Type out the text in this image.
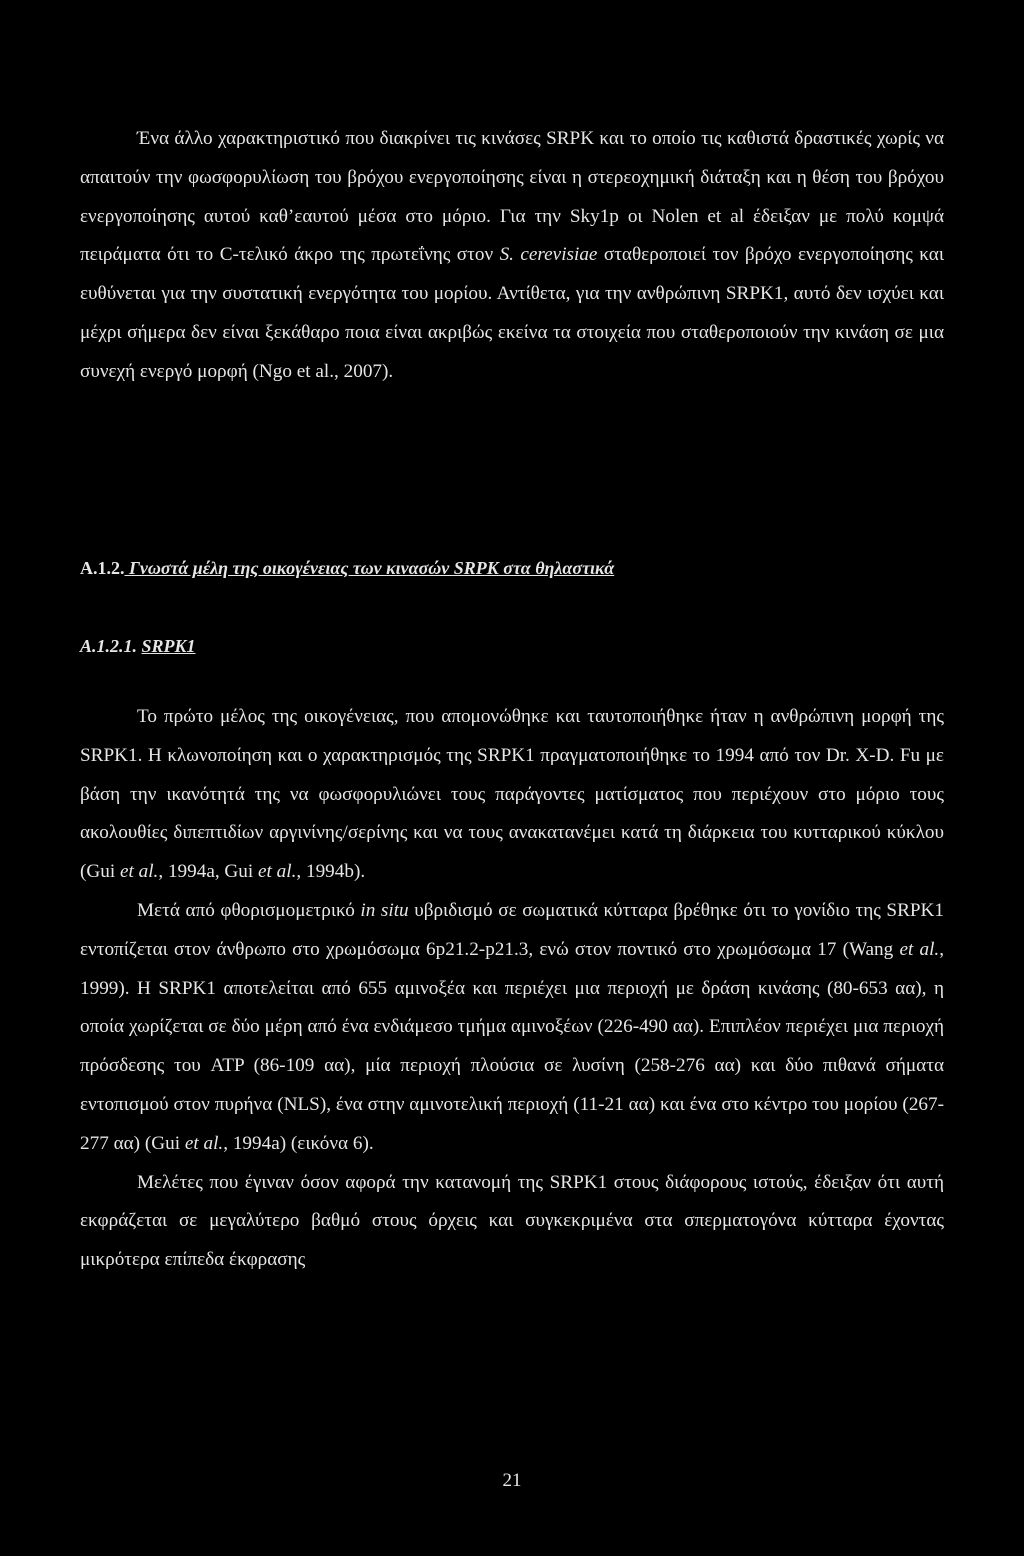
Ένα άλλο χαρακτηριστικό που διακρίνει τις κινάσες SRPK και το οποίο τις καθιστά δραστικές χωρίς να απαιτούν την φωσφορυλίωση του βρόχου ενεργοποίησης είναι η στερεοχημική διάταξη και η θέση του βρόχου ενεργοποίησης αυτού καθ’εαυτού μέσα στο μόριο. Για την Sky1p οι Nolen et al έδειξαν με πολύ κομψά πειράματα ότι το C-τελικό άκρο της πρωτεΐνης στον S. cerevisiae σταθεροποιεί τον βρόχο ενεργοποίησης και ευθύνεται για την συστατική ενεργότητα του μορίου. Αντίθετα, για την ανθρώπινη SRPK1, αυτό δεν ισχύει και μέχρι σήμερα δεν είναι ξεκάθαρο ποια είναι ακριβώς εκείνα τα στοιχεία που σταθεροποιούν την κινάση σε μια συνεχή ενεργό μορφή (Ngo et al., 2007).

A.1.2. Γνωστά μέλη της οικογένειας των κινασών SRPK στα θηλαστικά
A.1.2.1. SRPK1

Το πρώτο μέλος της οικογένειας, που απομονώθηκε και ταυτοποιήθηκε ήταν η ανθρώπινη μορφή της SRPK1. Η κλωνοποίηση και ο χαρακτηρισμός της SRPK1 πραγματοποιήθηκε το 1994 από τον Dr. X-D. Fu με βάση την ικανότητά της να φωσφορυλιώνει τους παράγοντες ματίσματος που περιέχουν στο μόριο τους ακολουθίες διπεπτιδίων αργινίνης/σερίνης και να τους ανακατανέμει κατά τη διάρκεια του κυτταρικού κύκλου (Gui et al., 1994a, Gui et al., 1994b).

Μετά από φθορισμομετρικό in situ υβριδισμό σε σωματικά κύτταρα βρέθηκε ότι το γονίδιο της SRPK1 εντοπίζεται στον άνθρωπο στο χρωμόσωμα 6p21.2-p21.3, ενώ στον ποντικό στο χρωμόσωμα 17 (Wang et al., 1999). Η SRPK1 αποτελείται από 655 αμινοξέα και περιέχει μια περιοχή με δράση κινάσης (80-653 αα), η οποία χωρίζεται σε δύο μέρη από ένα ενδιάμεσο τμήμα αμινοξέων (226-490 αα). Επιπλέον περιέχει μια περιοχή πρόσδεσης του ATP (86-109 αα), μία περιοχή πλούσια σε λυσίνη (258-276 αα) και δύο πιθανά σήματα εντοπισμού στον πυρήνα (NLS), ένα στην αμινοτελική περιοχή (11-21 αα) και ένα στο κέντρο του μορίου (267-277 αα) (Gui et al., 1994a) (εικόνα 6).

Μελέτες που έγιναν όσον αφορά την κατανομή της SRPK1 στους διάφορους ιστούς, έδειξαν ότι αυτή εκφράζεται σε μεγαλύτερο βαθμό στους όρχεις και συγκεκριμένα στα σπερματογόνα κύτταρα έχοντας μικρότερα επίπεδα έκφρασης

21
